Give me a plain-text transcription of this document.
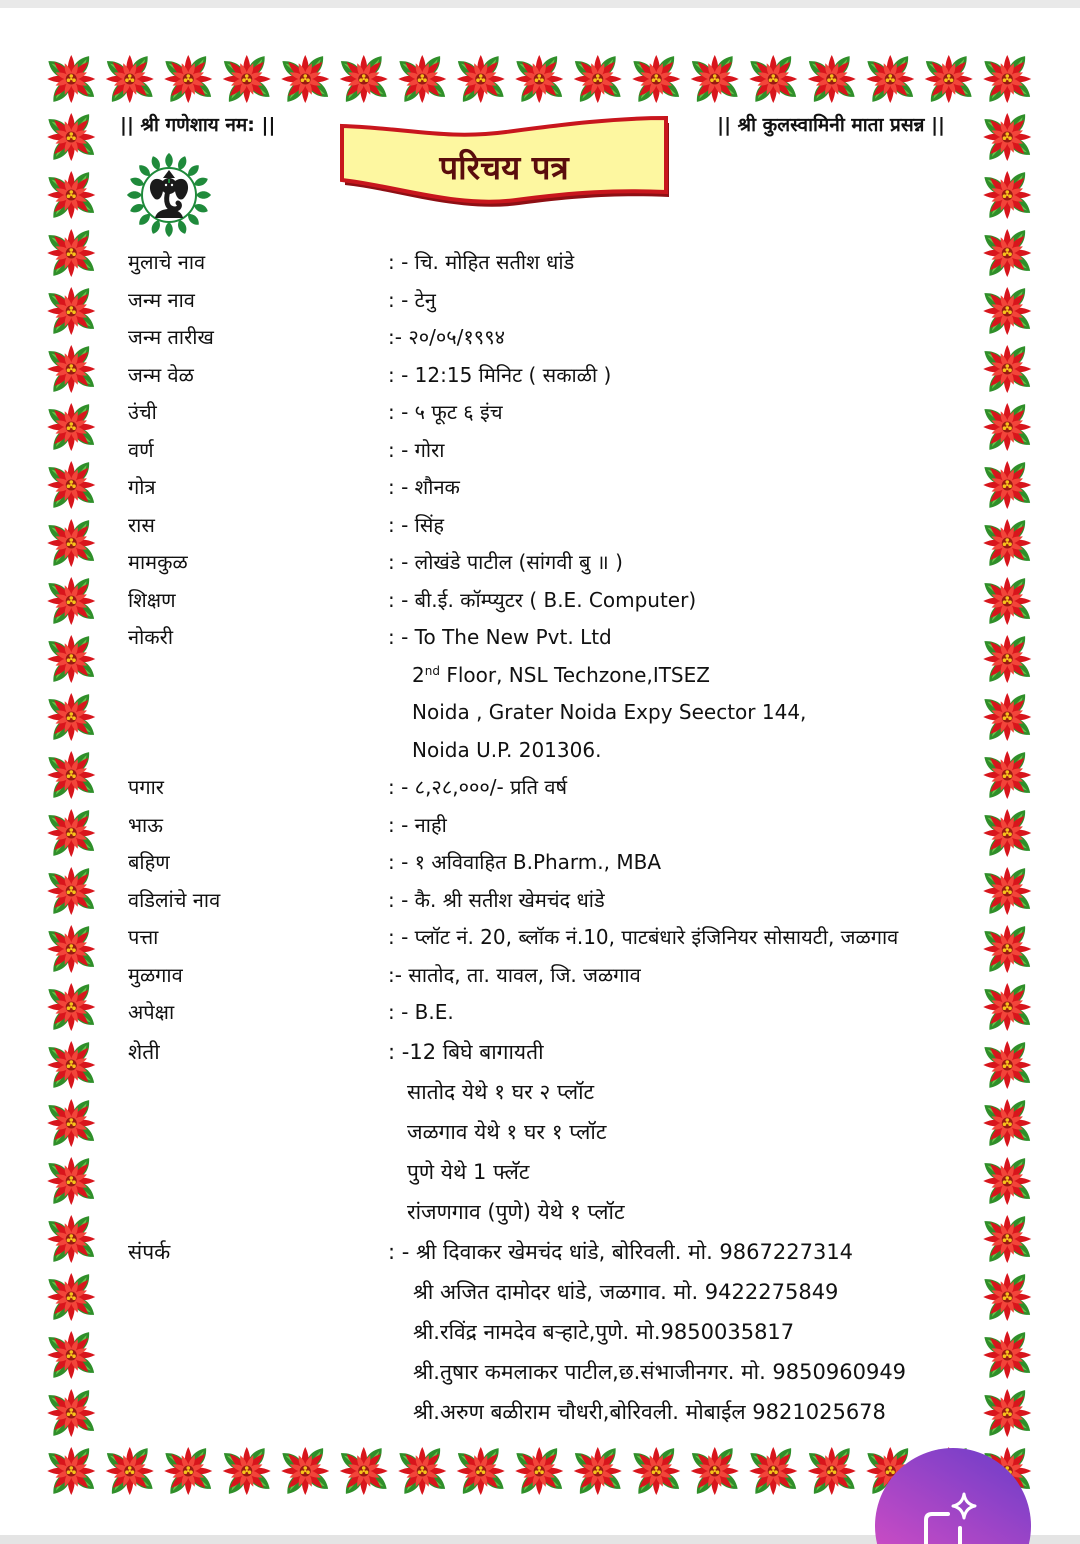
|| श्री गणेशाय नम: ||	|| श्री कुलस्वामिनी माता प्रसन्न ||
परिचय पत्र
मुलाचे नाव	: - चि. मोहित सतीश धांडे
जन्म नाव	: - टेनु
जन्म तारीख	:- २०/०५/१९९४
जन्म वेळ	: - 12:15 मिनिट ( सकाळी )
उंची	: - ५ फूट ६ इंच
वर्ण	: - गोरा
गोत्र	: - शौनक
रास	: - सिंह
मामकुळ	: - लोखंडे पाटील (सांगवी बु ॥ )
शिक्षण	: - बी.ई. कॉम्प्युटर ( B.E. Computer)
नोकरी	: - To The New Pvt. Ltd
2nd Floor, NSL Techzone,ITSEZ
Noida , Grater Noida Expy Seector 144,
Noida U.P. 201306.
पगार	: - ८,२८,०००/- प्रति वर्ष
भाऊ	: - नाही
बहिण	: - १ अविवाहित B.Pharm., MBA
वडिलांचे नाव	: - कै. श्री सतीश खेमचंद धांडे
पत्ता	: - प्लॉट नं. 20, ब्लॉक नं.10, पाटबंधारे इंजिनियर सोसायटी, जळगाव
मुळगाव	:- सातोद, ता. यावल, जि. जळगाव
अपेक्षा	: - B.E.
शेती	: -12 बिघे बागायती
सातोद येथे १ घर २ प्लॉट
जळगाव येथे १ घर १ प्लॉट
पुणे येथे 1 फ्लॅट
रांजणगाव (पुणे) येथे १ प्लॉट
संपर्क	: - श्री दिवाकर खेमचंद धांडे, बोरिवली. मो. 9867227314
श्री अजित दामोदर धांडे, जळगाव. मो. 9422275849
श्री.रविंद्र नामदेव बऱ्हाटे,पुणे. मो.9850035817
श्री.तुषार कमलाकर पाटील,छ.संभाजीनगर. मो. 9850960949
श्री.अरुण बळीराम चौधरी,बोरिवली. मोबाईल 9821025678
